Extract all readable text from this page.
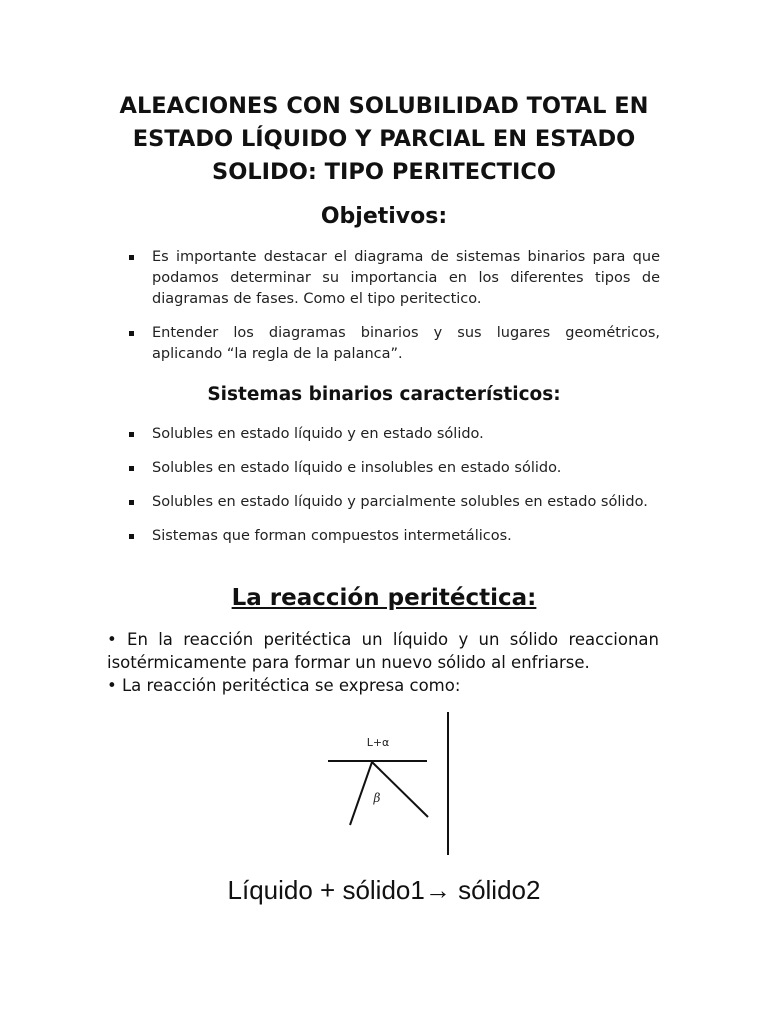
ALEACIONES CON SOLUBILIDAD TOTAL EN
ESTADO LÍQUIDO Y PARCIAL EN ESTADO
SOLIDO: TIPO PERITECTICO
Objetivos:
Es importante destacar el diagrama de sistemas binarios para que podamos determinar su importancia en los diferentes tipos de diagramas de fases. Como el tipo peritectico.
Entender los diagramas binarios y sus lugares geométricos, aplicando “la regla de la palanca”.
Sistemas binarios característicos:
Solubles en estado líquido y en estado sólido.
Solubles en estado líquido e insolubles en estado sólido.
Solubles en estado líquido y parcialmente solubles en estado sólido.
Sistemas que forman compuestos intermetálicos.
La reacción peritéctica:

• En la reacción peritéctica un líquido y un sólido reaccionan isotérmicamente para formar un nuevo sólido al enfriarse.

• La reacción peritéctica se expresa como:

L+α
β

Líquido + sólido1→ sólido2
